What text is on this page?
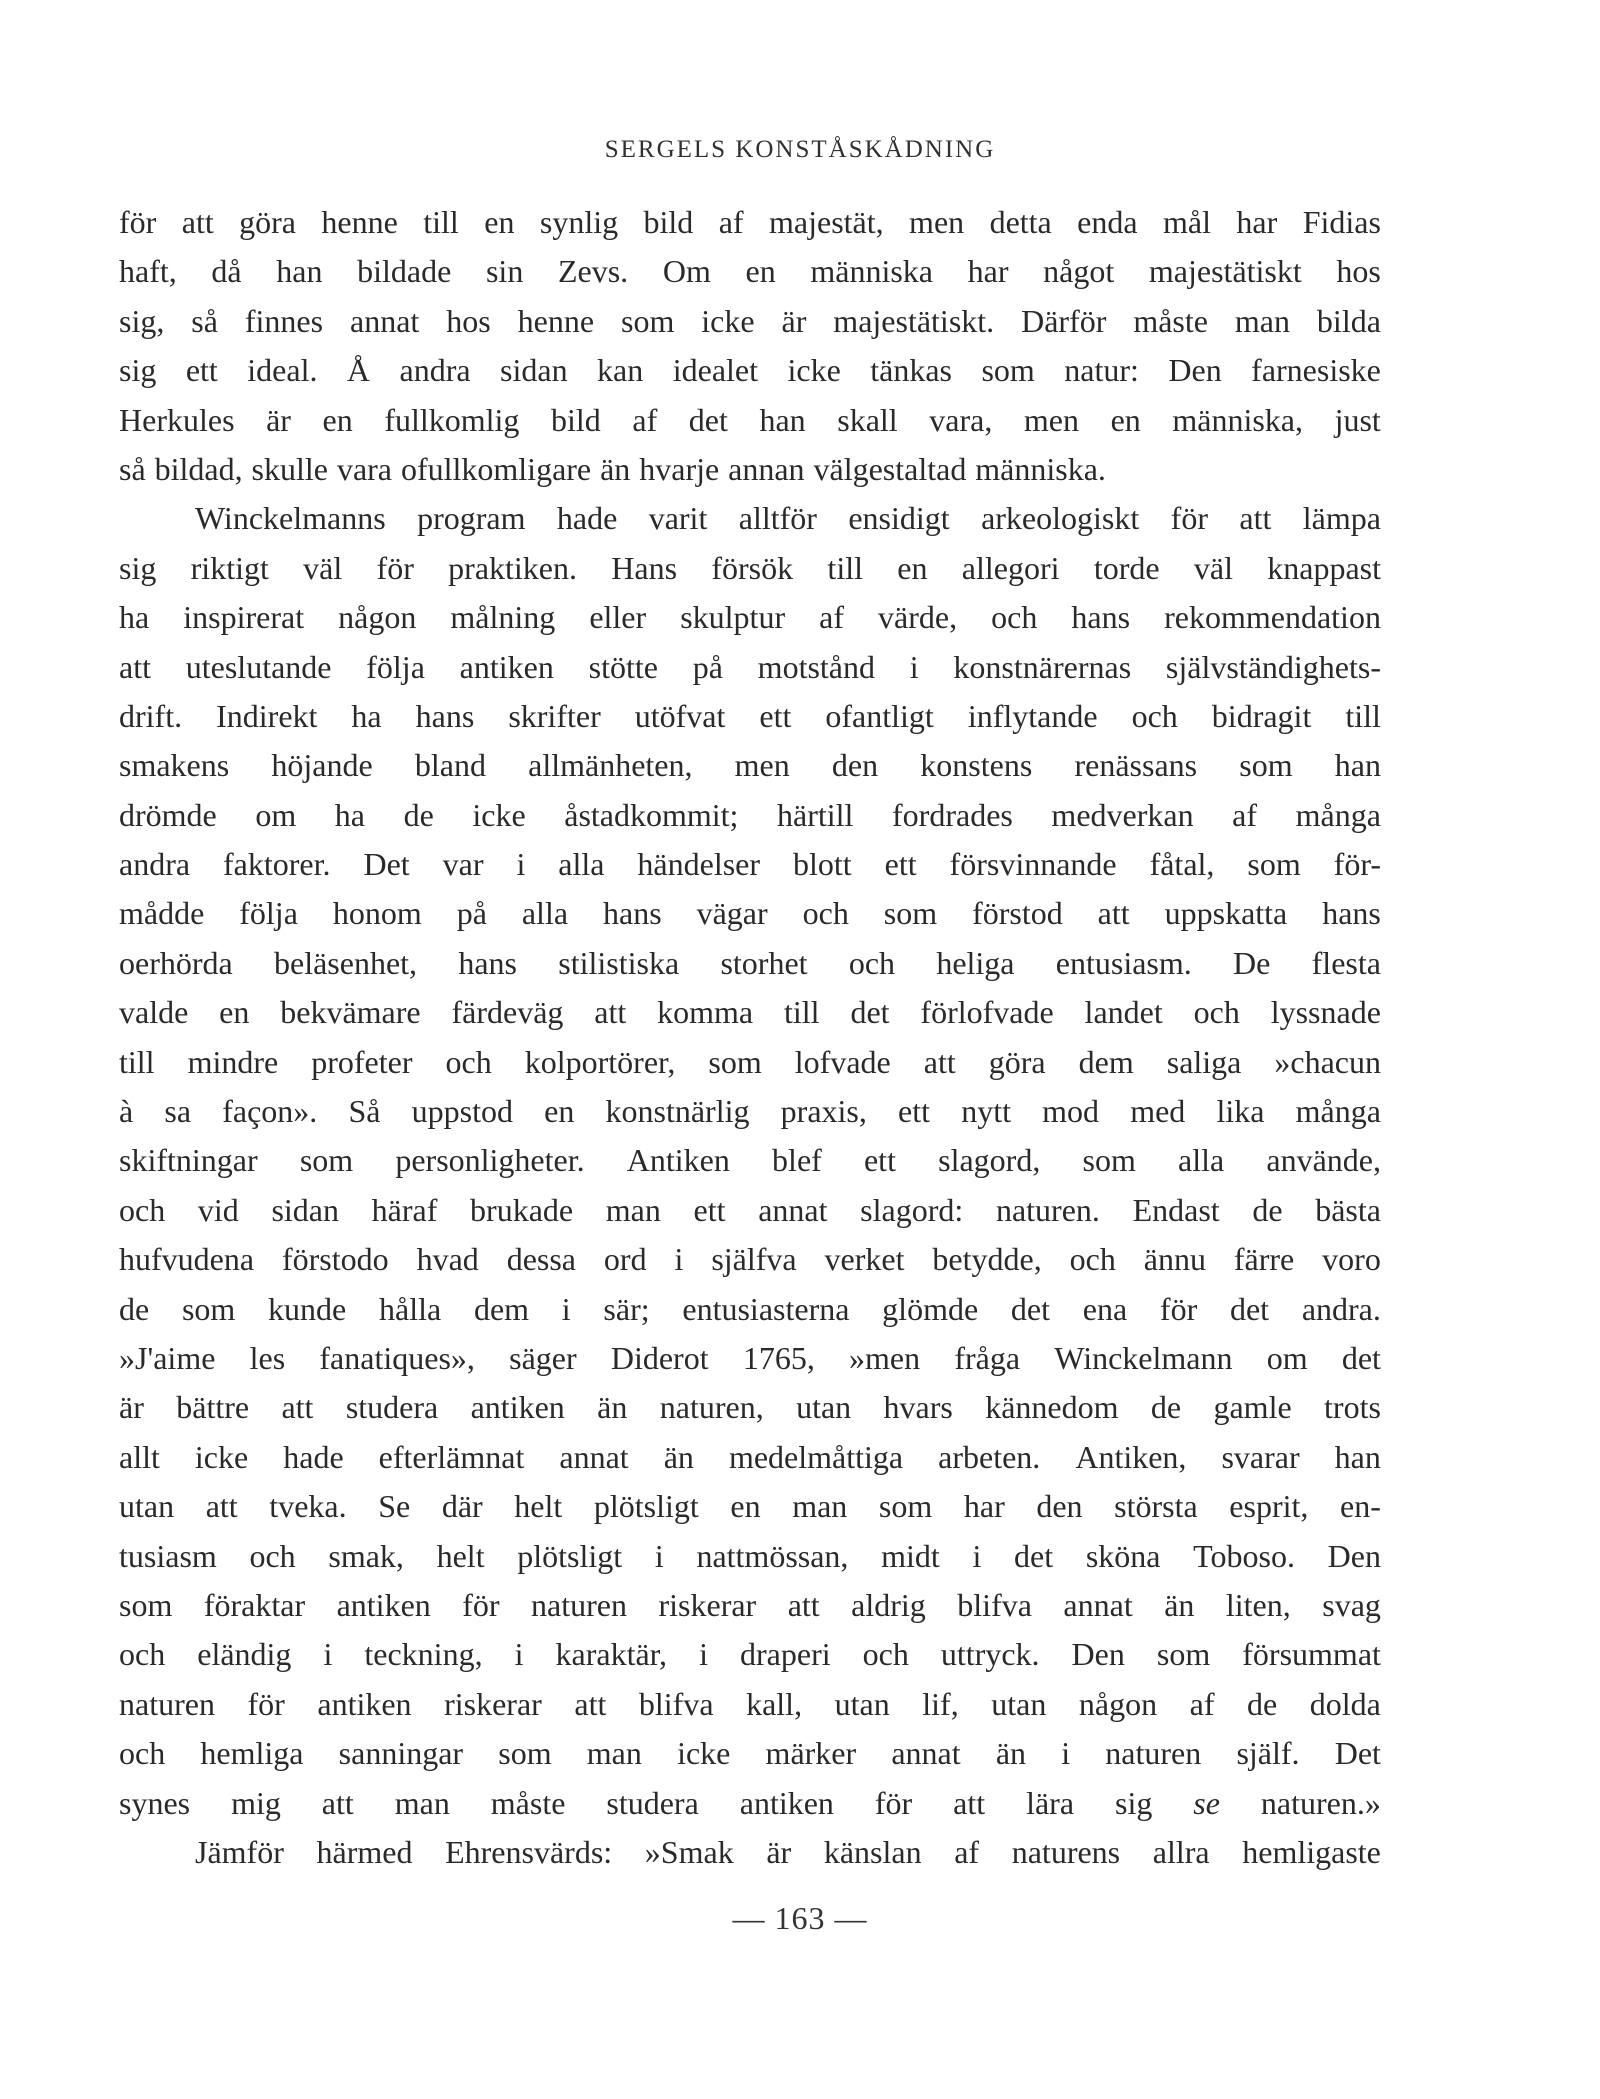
SERGELS KONSTÅSKÅDNING
för att göra henne till en synlig bild af majestät, men detta enda mål har Fidias
haft, då han bildade sin Zevs. Om en människa har något majestätiskt hos
sig, så finnes annat hos henne som icke är majestätiskt. Därför måste man bilda
sig ett ideal. Å andra sidan kan idealet icke tänkas som natur: Den farnesiske
Herkules är en fullkomlig bild af det han skall vara, men en människa, just
så bildad, skulle vara ofullkomligare än hvarje annan välgestaltad människa.
Winckelmanns program hade varit alltför ensidigt arkeologiskt för att lämpa
sig riktigt väl för praktiken. Hans försök till en allegori torde väl knappast
ha inspirerat någon målning eller skulptur af värde, och hans rekommendation
att uteslutande följa antiken stötte på motstånd i konstnärernas självständighets-
drift. Indirekt ha hans skrifter utöfvat ett ofantligt inflytande och bidragit till
smakens höjande bland allmänheten, men den konstens renässans som han
drömde om ha de icke åstadkommit; härtill fordrades medverkan af många
andra faktorer. Det var i alla händelser blott ett försvinnande fåtal, som för-
mådde följa honom på alla hans vägar och som förstod att uppskatta hans
oerhörda beläsenhet, hans stilistiska storhet och heliga entusiasm. De flesta
valde en bekvämare färdeväg att komma till det förlofvade landet och lyssnade
till mindre profeter och kolportörer, som lofvade att göra dem saliga »chacun
à sa façon». Så uppstod en konstnärlig praxis, ett nytt mod med lika många
skiftningar som personligheter. Antiken blef ett slagord, som alla använde,
och vid sidan häraf brukade man ett annat slagord: naturen. Endast de bästa
hufvudena förstodo hvad dessa ord i själfva verket betydde, och ännu färre voro
de som kunde hålla dem i sär; entusiasterna glömde det ena för det andra.
»J'aime les fanatiques», säger Diderot 1765, »men fråga Winckelmann om det
är bättre att studera antiken än naturen, utan hvars kännedom de gamle trots
allt icke hade efterlämnat annat än medelmåttiga arbeten. Antiken, svarar han
utan att tveka. Se där helt plötsligt en man som har den största esprit, en-
tusiasm och smak, helt plötsligt i nattmössan, midt i det sköna Toboso. Den
som föraktar antiken för naturen riskerar att aldrig blifva annat än liten, svag
och eländig i teckning, i karaktär, i draperi och uttryck. Den som försummat
naturen för antiken riskerar att blifva kall, utan lif, utan någon af de dolda
och hemliga sanningar som man icke märker annat än i naturen själf. Det
synes mig att man måste studera antiken för att lära sig se naturen.»
Jämför härmed Ehrensvärds: »Smak är känslan af naturens allra hemligaste
— 163 —
